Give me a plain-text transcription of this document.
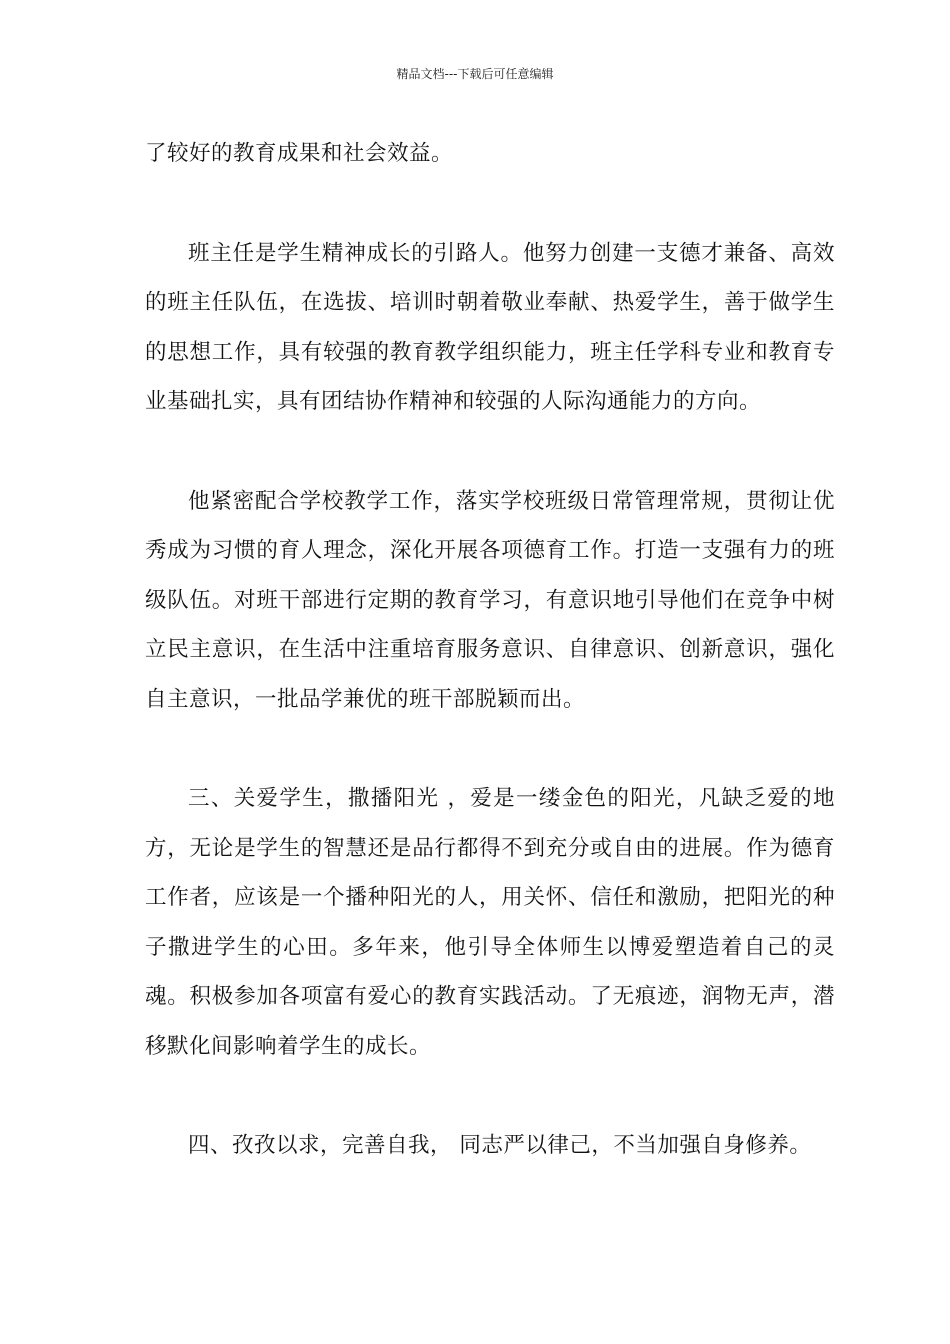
精品文档---下载后可任意编辑

了较好的教育成果和社会效益。

班主任是学生精神成长的引路人。他努力创建一支德才兼备、高效的班主任队伍，在选拔、培训时朝着敬业奉献、热爱学生，善于做学生的思想工作，具有较强的教育教学组织能力，班主任学科专业和教育专业基础扎实，具有团结协作精神和较强的人际沟通能力的方向。

他紧密配合学校教学工作，落实学校班级日常管理常规，贯彻让优秀成为习惯的育人理念，深化开展各项德育工作。打造一支强有力的班级队伍。对班干部进行定期的教育学习，有意识地引导他们在竞争中树立民主意识，在生活中注重培育服务意识、自律意识、创新意识，强化自主意识，一批品学兼优的班干部脱颖而出。

三、关爱学生，撒播阳光 ，爱是一缕金色的阳光，凡缺乏爱的地方，无论是学生的智慧还是品行都得不到充分或自由的进展。作为德育工作者，应该是一个播种阳光的人，用关怀、信任和激励，把阳光的种子撒进学生的心田。多年来，他引导全体师生以博爱塑造着自己的灵魂。积极参加各项富有爱心的教育实践活动。了无痕迹，润物无声，潜移默化间影响着学生的成长。

四、孜孜以求，完善自我， 同志严以律己，不当加强自身修养。
